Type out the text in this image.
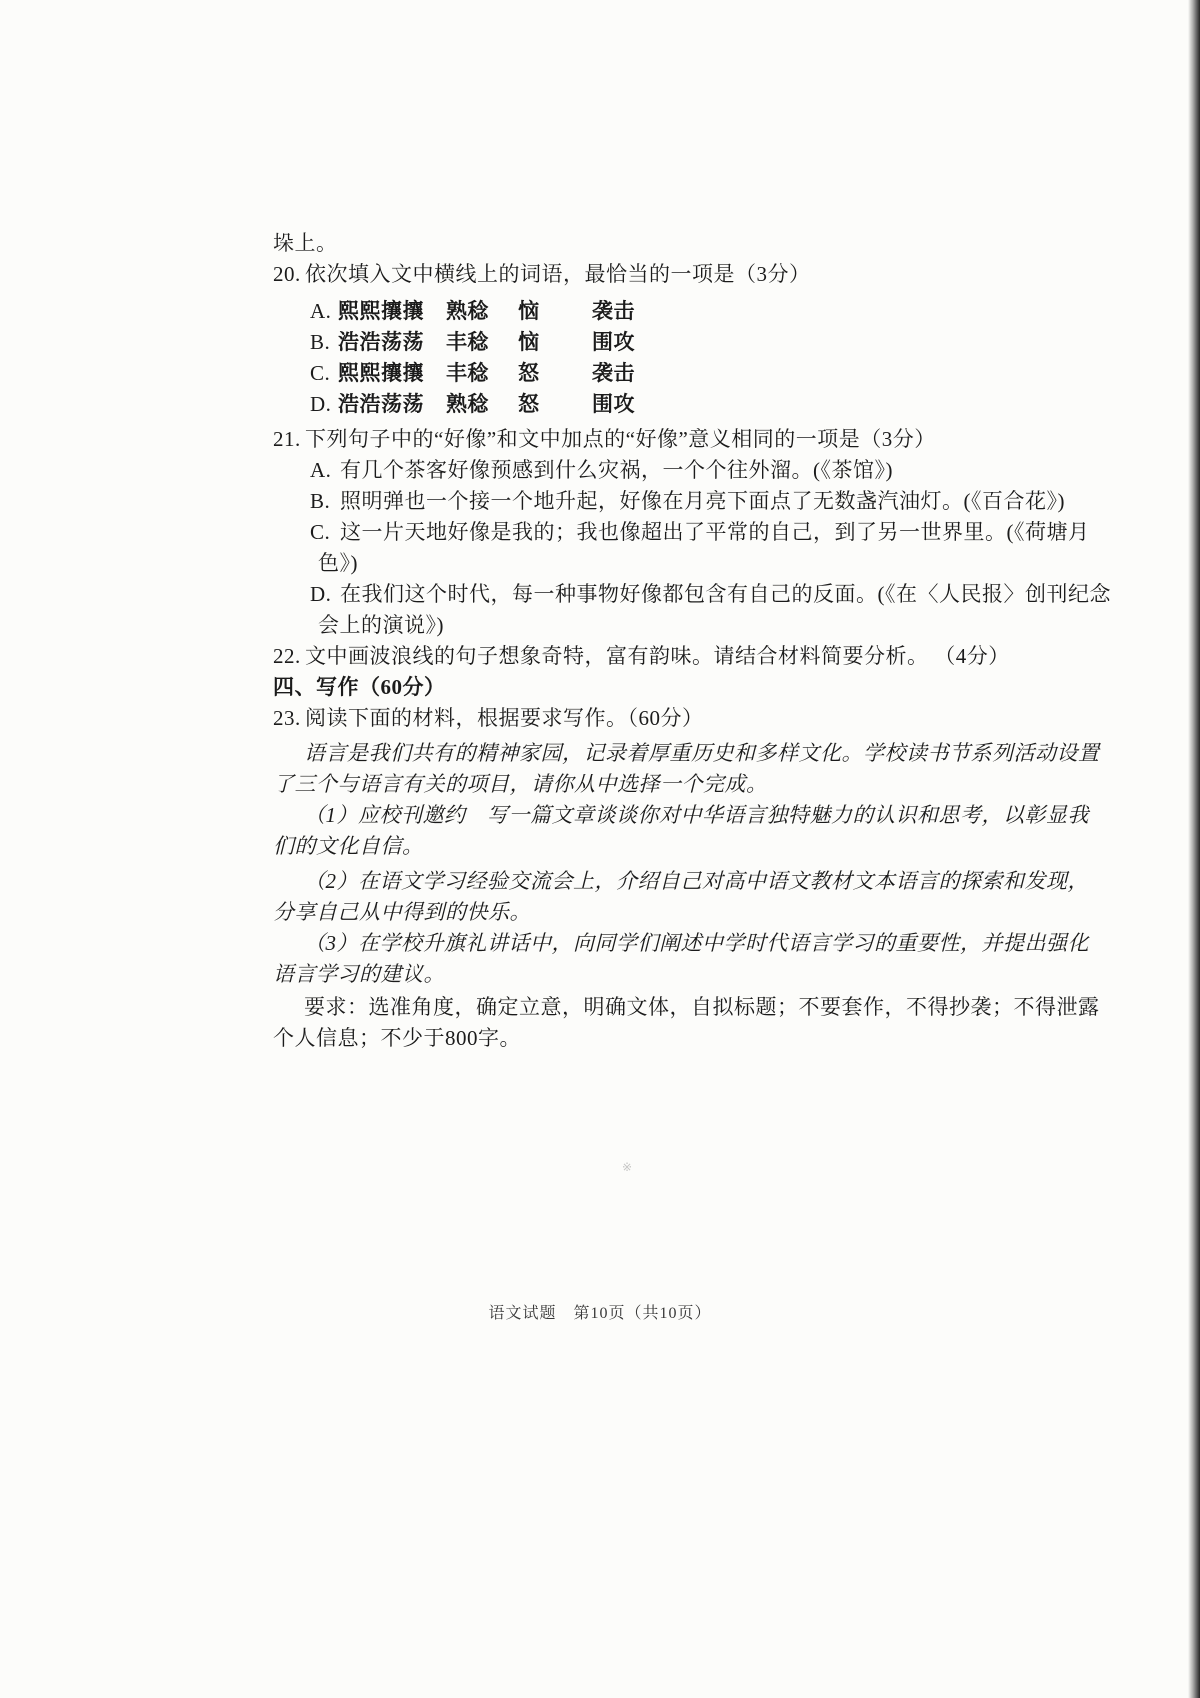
垛上。
20. 依次填入文中横线上的词语，最恰当的一项是（3分）
A. 熙熙攘攘 熟稔 恼	袭击
B. 浩浩荡荡 丰稔 恼	围攻
C. 熙熙攘攘 丰稔 怒	袭击
D. 浩浩荡荡 熟稔 怒	围攻
21. 下列句子中的“好像”和文中加点的“好像”意义相同的一项是（3分）
A. 有几个茶客好像预感到什么灾祸，一个个往外溜。(《茶馆》)
B. 照明弹也一个接一个地升起，好像在月亮下面点了无数盏汽油灯。(《百合花》)
C. 这一片天地好像是我的；我也像超出了平常的自己，到了另一世界里。(《荷塘月
色》)
D. 在我们这个时代，每一种事物好像都包含有自己的反面。(《在〈人民报〉创刊纪念
会上的演说》)
22. 文中画波浪线的句子想象奇特，富有韵味。请结合材料简要分析。 （4分）
四、写作（60分）
23. 阅读下面的材料，根据要求写作。（60分）
语言是我们共有的精神家园，记录着厚重历史和多样文化。学校读书节系列活动设置
了三个与语言有关的项目，请你从中选择一个完成。
（1）应校刊邀约　写一篇文章谈谈你对中华语言独特魅力的认识和思考，以彰显我
们的文化自信。
（2）在语文学习经验交流会上，介绍自己对高中语文教材文本语言的探索和发现，
分享自己从中得到的快乐。
（3）在学校升旗礼讲话中，向同学们阐述中学时代语言学习的重要性，并提出强化
语言学习的建议。
要求：选准角度，确定立意，明确文体，自拟标题；不要套作，不得抄袭；不得泄露
个人信息；不少于800字。
※
语文试题　第10页（共10页）
